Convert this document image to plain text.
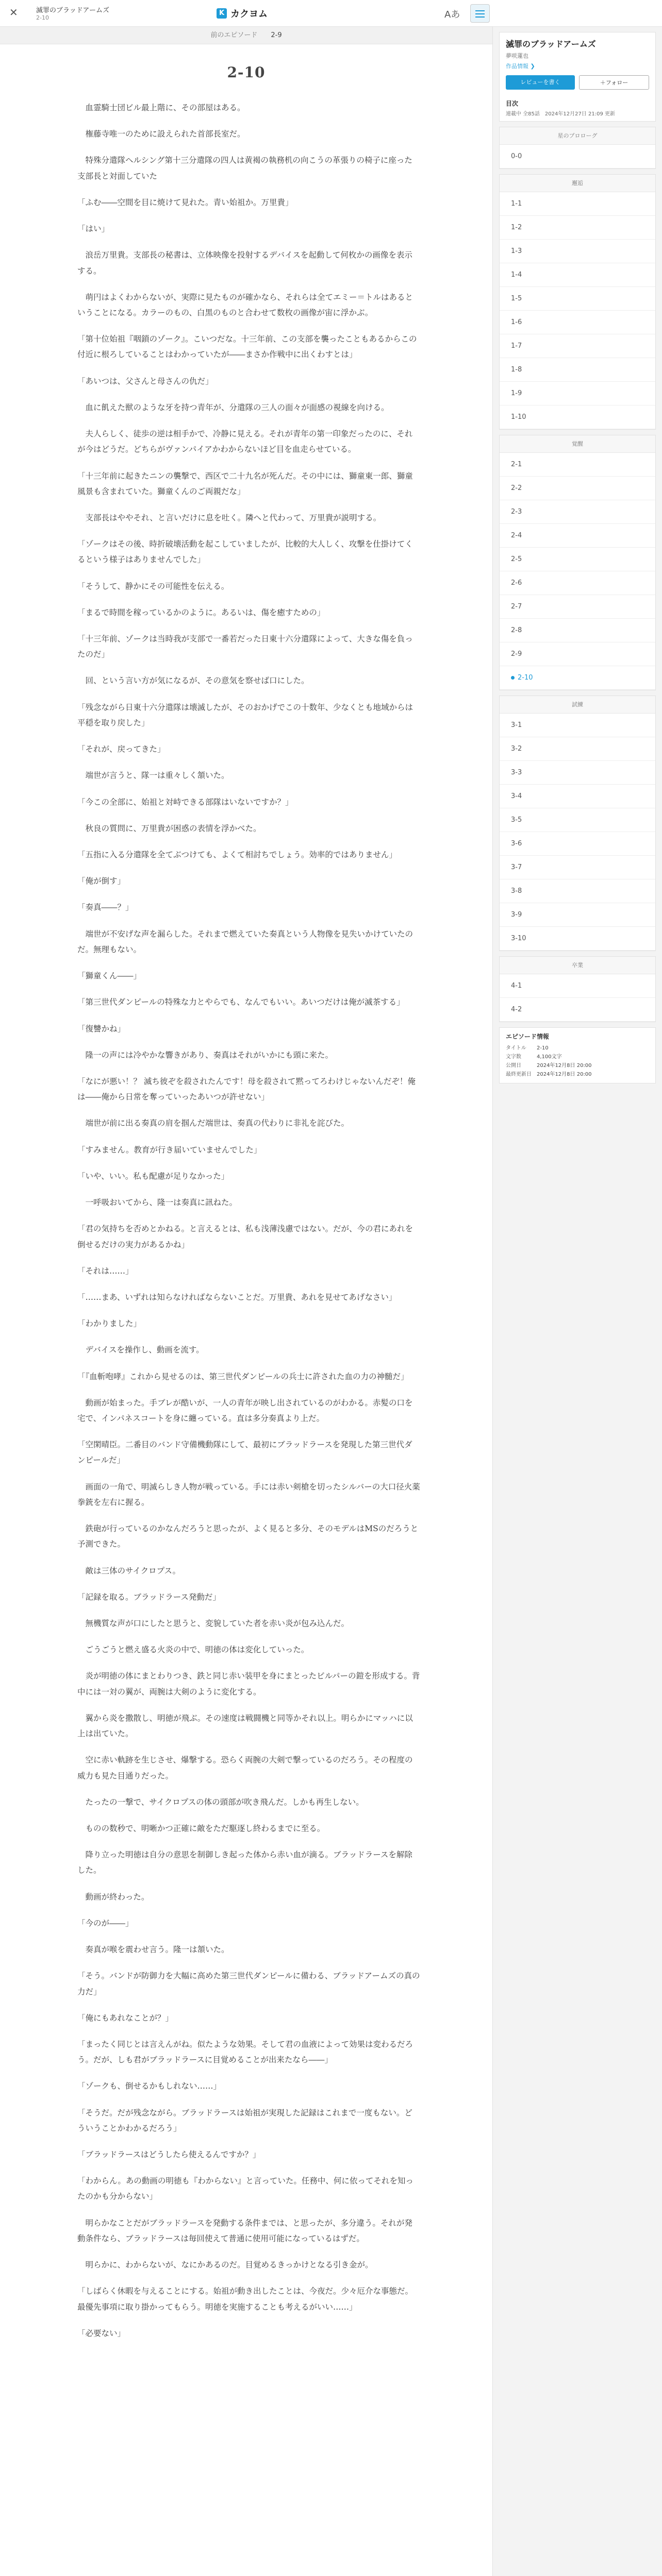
✕	滅罪のブラッドアームズ
2-10
K カクヨム	Aあ
前のエピソード 2-9
2-10

　血霊騎士団ビル最上階に、その部屋はある。

　権藤寺唯一のために設えられた首部長室だ。

　特殊分遣隊ヘルシング第十三分遣隊の四人は黄褐の執務机の向こうの革張りの椅子に座った支部長と対面していた

「ふむ――空間を目に焼けて見れた。青い始祖か。万里貴」

「はい」

　浪岳万里貴。支部長の秘書は、立体映像を投射するデバイスを起動して何枚かの画像を表示する。

　萌円はよくわからないが、実際に見たものが確かなら、それらは全てエミー＝トルはあるということになる。カラーのもの、白黒のものと合わせて数枚の画像が宙に浮かぶ。

「第十位始祖『咽鎖のゾーク』。こいつだな。十三年前、この支部を襲ったこともあるからこの付近に根ろしていることはわかっていたが――まさか作戦中に出くわすとは」

「あいつは、父さんと母さんの仇だ」

　血に飢えた獣のような牙を持つ青年が、分遣隊の三人の面々が面感の視線を向ける。

　夫人らしく、徒歩の逆は相手かで、冷静に見える。それが青年の第一印象だったのに、それが今はどうだ。どちらがヴァンパイアかわからないほど目を血走らせている。

「十三年前に起きたニンの襲撃で、西区で二十九名が死んだ。その中には、獅童東一郎、獅童風景も含まれていた。獅童くんのご両親だな」

　支部長はややそれ、と言いだけに息を吐く。隣へと代わって、万里貴が説明する。

「ゾークはその後、時折破壊活動を起こしていましたが、比較的大人しく、攻撃を仕掛けてくるという様子はありませんでした」

「そうして、静かにその可能性を伝える。

「まるで時間を稼っているかのように。あるいは、傷を癒すための」

「十三年前、ゾークは当時我が支部で一番若だった日東十六分遣隊によって、大きな傷を負ったのだ」

　回、という言い方が気になるが、その意気を察せば口にした。

「残念ながら日東十六分遣隊は壊滅したが、そのおかげでこの十数年、少なくとも地域からは平穏を取り戻した」

「それが、戻ってきた」

　端世が言うと、隊一は重々しく頷いた。

「今この全部に、始祖と対峙できる部隊はいないですか？」

　秋良の質問に、万里貴が困惑の表情を浮かべた。

「五指に入る分遣隊を全てぶつけても、よくて相討ちでしょう。効率的ではありません」

「俺が倒す」

「奏真――？」

　端世が不安げな声を漏らした。それまで燃えていた奏真という人物像を見失いかけていたのだ。無理もない。

「獅童くん――」

「第三世代ダンピールの特殊な力とやらでも、なんでもいい。あいつだけは俺が滅茶する」

「復讐かね」

　隆一の声には冷やかな響きがあり、奏真はそれがいかにも頭に来た。

「なにが悪い！？ 滅ち彼ぞを殺されたんです！母を殺されて黙ってろわけじゃないんだぞ！俺は――俺から日常を奪っていったあいつが許せない」

　端世が前に出る奏真の肩を掴んだ端世は、奏真の代わりに非礼を詫びた。

「すみません。教育が行き届いていませんでした」

「いや、いい。私も配慮が足りなかった」

　一呼吸おいてから、隆一は奏真に訊ねた。

「君の気持ちを否めとかねる。と言えるとは、私も浅薄浅慮ではない。だが、今の君にあれを倒せるだけの実力があるかね」

「それは……」

「……まあ、いずれは知らなければならないことだ。万里貴、あれを見せてあげなさい」

「わかりました」

　デバイスを操作し、動画を流す。

「『血斬咆哮』これから見せるのは、第三世代ダンピールの兵士に許された血の力の神髄だ」

　動画が始まった。手ブレが酷いが、一人の青年が映し出されているのがわかる。赤髪の口を宅で、インパネスコートを身に纏っている。直は多分奏真より上だ。

「空閑晴臣。二番目のバンド守備機動隊にして、最初にブラッドラースを発現した第三世代ダンピールだ」

　画面の一角で、明滅らしき人物が戦っている。手には赤い剣槍を切ったシルバーの大口径火薬拳銃を左右に握る。

　鉄砲が行っているのかなんだろうと思ったが、よく見ると多分、そのモデルはMSのだろうと予測できた。

　敵は三体のサイクロプス。

「記録を取る。ブラッドラース発動だ」

　無機質な声が口にしたと思うと、変貌していた者を赤い炎が包み込んだ。

　ごうごうと燃え盛る火炎の中で、明徳の体は変化していった。

　炎が明徳の体にまとわりつき、鉄と同じ赤い装甲を身にまとったビルパーの鎧を形成する。背中には一対の翼が、両腕は大剣のように変化する。

　翼から炎を撒散し、明徳が飛ぶ。その速度は戦闘機と同等かそれ以上。明らかにマッハに以上は出ていた。

　空に赤い軌跡を生じさせ、爆撃する。恐らく両腕の大剣で撃っているのだろう。その程度の威力も見た目通りだった。

　たったの一撃で、サイクロプスの体の頭部が吹き飛んだ。しかも再生しない。

　ものの数秒で、明晰かつ正確に敵をただ駆逐し終わるまでに至る。

　降り立った明徳は自分の意思を制御しき起った体から赤い血が滴る。ブラッドラースを解除した。

　動画が終わった。

「今のが――」

　奏真が喉を震わせ言う。隆一は頷いた。

「そう。バンドが防御力を大幅に高めた第三世代ダンピールに備わる、ブラッドアームズの真の力だ」

「俺にもあれなことが？」

「まったく同じとは言えんがね。似たような効果。そして君の血液によって効果は変わるだろう。だが、しも君がブラッドラースに目覚めることが出来たなら――」

「ゾークも、倒せるかもしれない……」

「そうだ。だが残念ながら。ブラッドラースは始祖が実現した記録はこれまで一度もない。どういうことかわかるだろう」

「ブラッドラースはどうしたら使えるんですか？」

「わからん。あの動画の明徳も『わからない』と言っていた。任務中、何に依ってそれを知ったのかも分からない」

　明らかなことだがブラッドラースを発動する条件までは、と思ったが、多分違う。それが発動条件なら、ブラッドラースは毎回使えて普通に使用可能になっているはずだ。

　明らかに、わからないが、なにかあるのだ。目覚めるきっかけとなる引き金が。

「しばらく休暇を与えることにする。始祖が動き出したことは、今夜だ。少々厄介な事態だ。最優先事項に取り掛かってもらう。明徳を実施することも考えるがいい……」

「必要ない」

滅罪のブラッドアームズ
夢咲蓮也
作品情報 ❯
レビューを書く	＋フォロー
目次
連載中 全85話　 2024年12月27日 21:09 更新
星のプロローグ
0-0
邂逅
1-1
1-2
1-3
1-4
1-5
1-6
1-7
1-8
1-9
1-10
覚醒
2-1
2-2
2-3
2-4
2-5
2-6
2-7
2-8
2-9
2-10
試練
3-1
3-2
3-3
3-4
3-5
3-6
3-7
3-8
3-9
3-10
卒業
4-1
4-2
エピソード情報
タイトル	2-10
文字数	4,100文字
公開日	2024年12月8日 20:00
最終更新日	2024年12月8日 20:00
